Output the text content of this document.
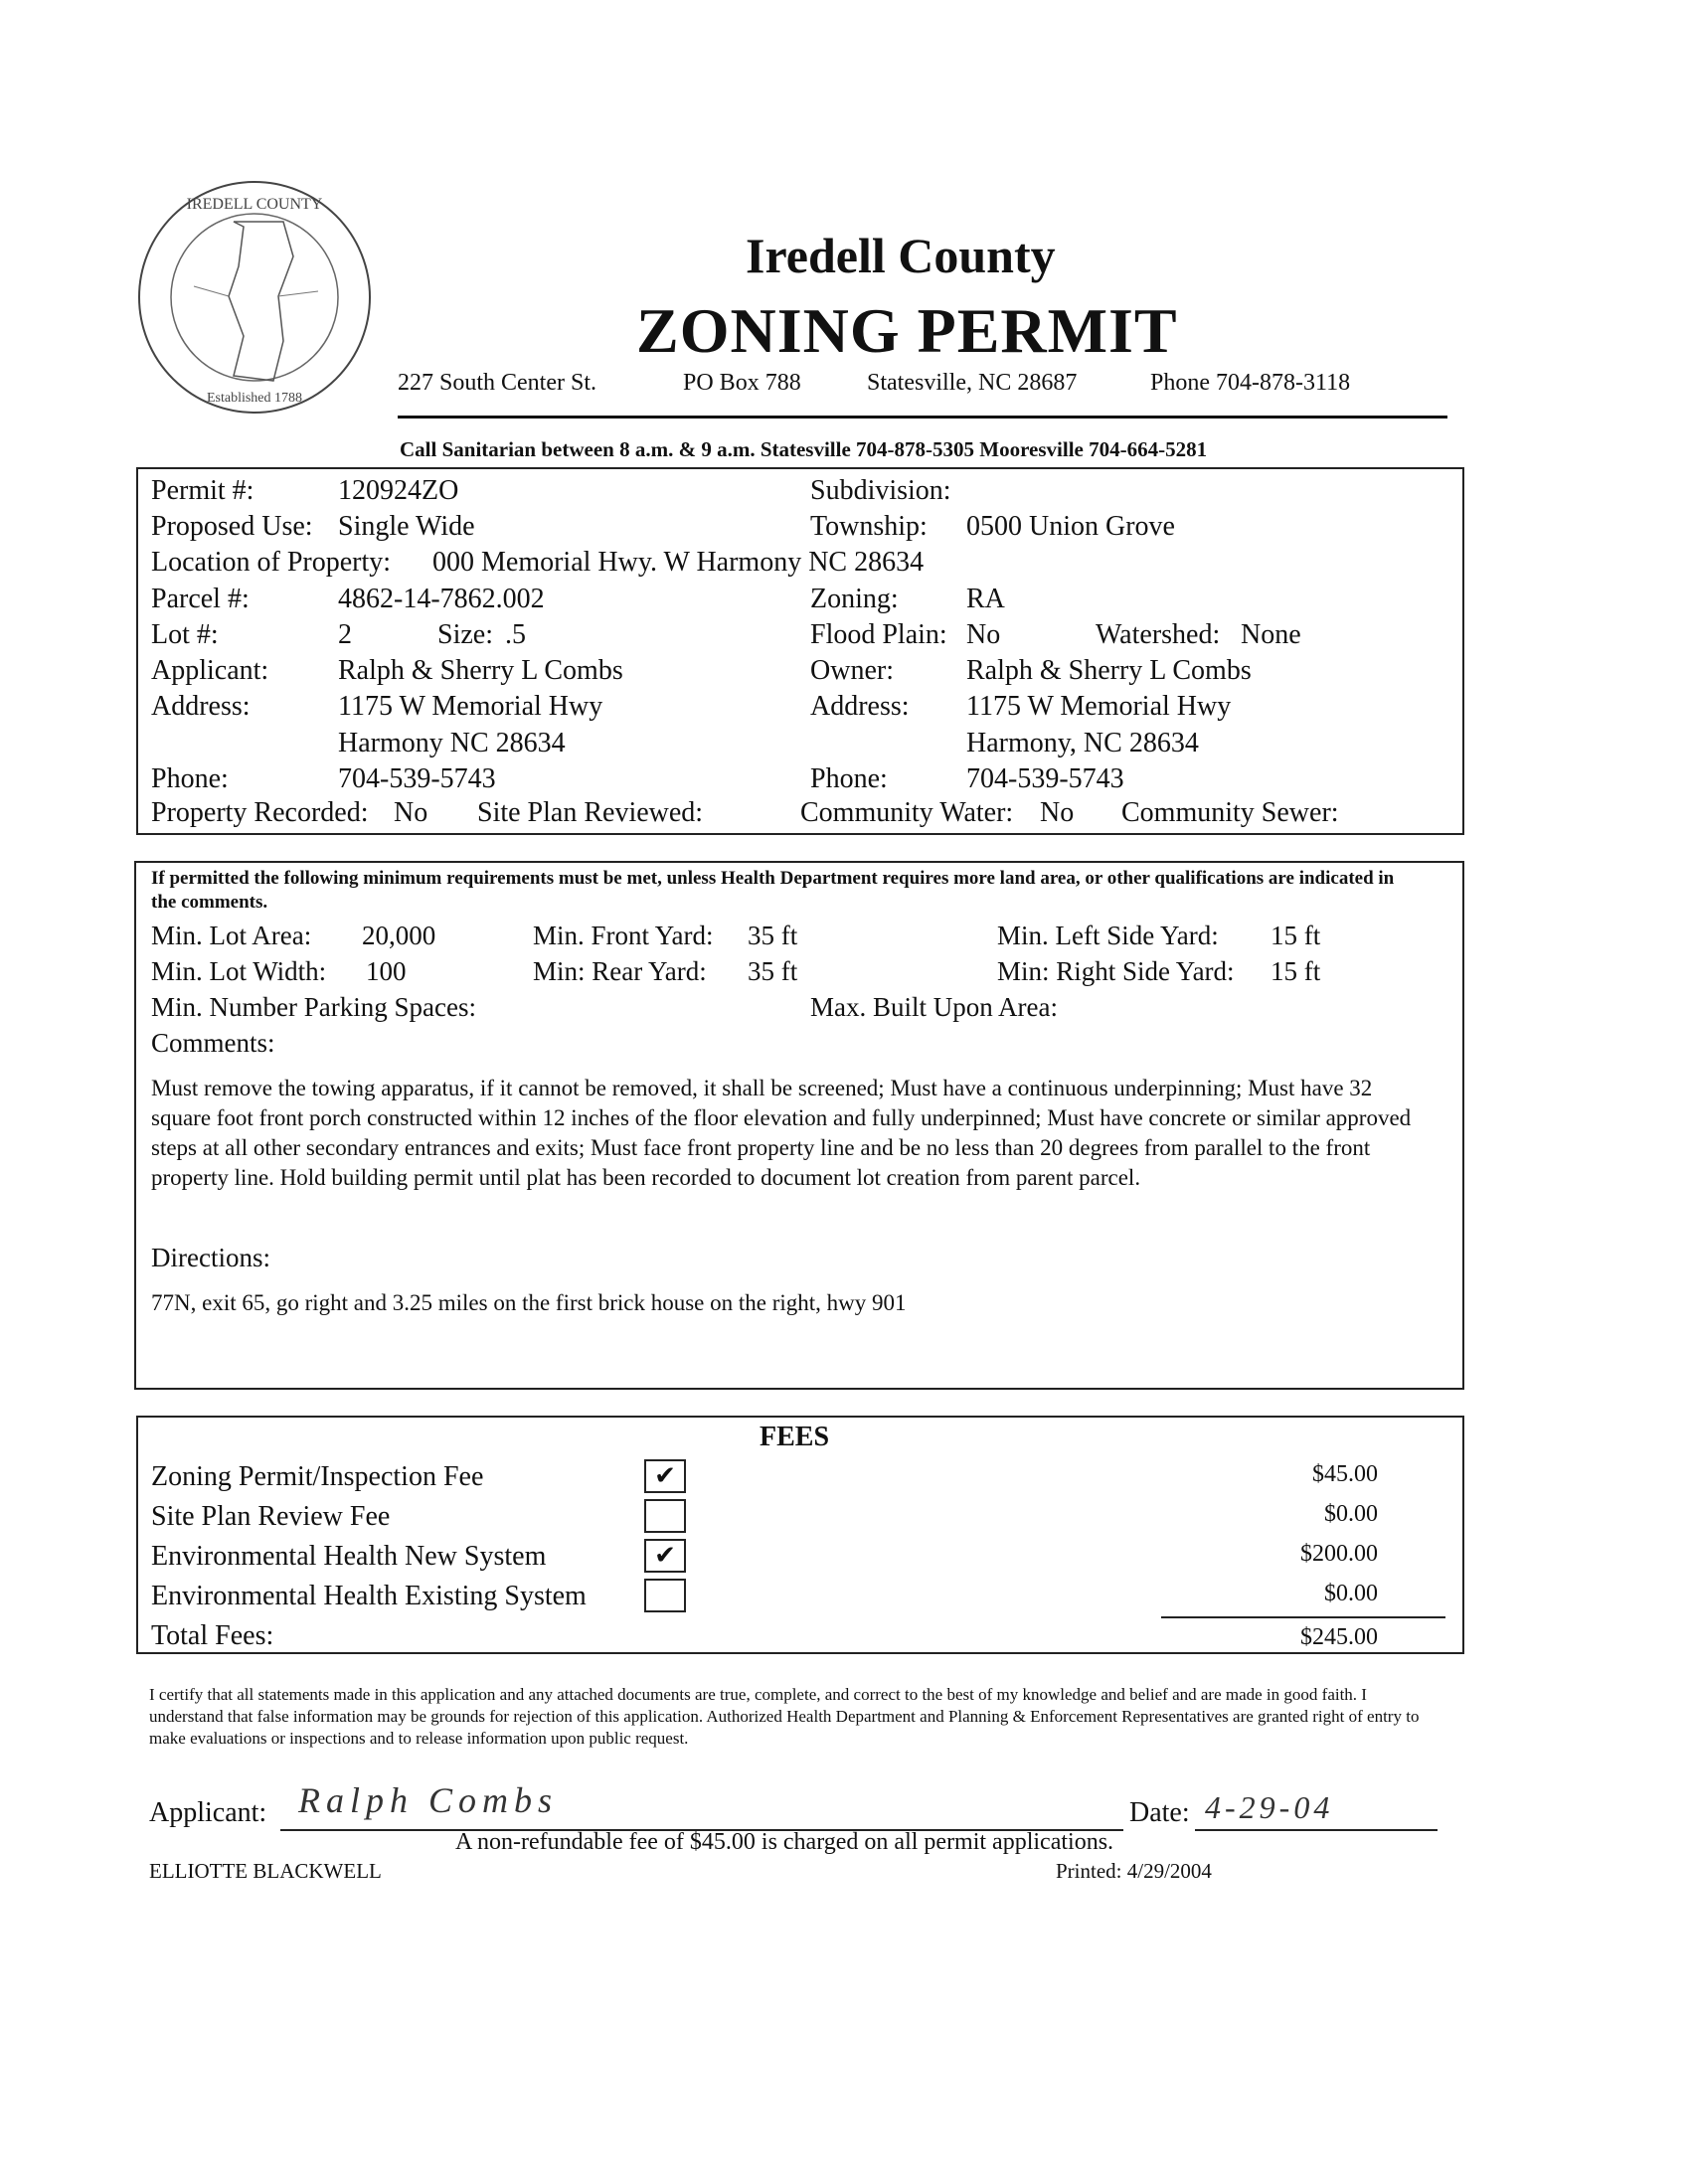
IREDELL COUNTY
Established 1788
Iredell County
ZONING PERMIT
227 South Center St.	PO Box 788	Statesville, NC 28687	Phone 704-878-3118
Call Sanitarian between 8 a.m. & 9 a.m. Statesville 704-878-5305 Mooresville 704-664-5281
Permit #:	120924ZO	Subdivision:
Proposed Use: Single Wide	Township: 0500 Union Grove
Location of Property: 000 Memorial Hwy. W Harmony NC 28634
Parcel #:	4862-14-7862.002	Zoning: RA
Lot #:	2	Size: .5	Flood Plain: No	Watershed: None
Applicant: Ralph & Sherry L Combs	Owner:	Ralph & Sherry L Combs
Address:	1175 W Memorial Hwy	Address: 1175 W Memorial Hwy
Harmony NC 28634	Harmony, NC 28634
Phone:	704-539-5743	Phone:	704-539-5743
Property Recorded: No Site Plan Reviewed:	Community Water: No Community Sewer:
If permitted the following minimum requirements must be met, unless Health Department requires more land area, or other qualifications are indicated in the comments.
Min. Lot Area: 20,000	Min. Front Yard: 35 ft	Min. Left Side Yard: 15 ft
Min. Lot Width: 100	Min: Rear Yard: 35 ft	Min: Right Side Yard: 15 ft
Min. Number Parking Spaces:	Max. Built Upon Area:
Comments:
Must remove the towing apparatus, if it cannot be removed, it shall be screened; Must have a continuous underpinning; Must have 32 square foot front porch constructed within 12 inches of the floor elevation and fully underpinned; Must have concrete or similar approved steps at all other secondary entrances and exits; Must face front property line and be no less than 20 degrees from parallel to the front property line. Hold building permit until plat has been recorded to document lot creation from parent parcel.
Directions:
77N, exit 65, go right and 3.25 miles on the first brick house on the right, hwy 901
FEES
Zoning Permit/Inspection Fee	✔	$45.00
Site Plan Review Fee	$0.00
Environmental Health New System	✔	$200.00
Environmental Health Existing System	$0.00
Total Fees:	$245.00
I certify that all statements made in this application and any attached documents are true, complete, and correct to the best of my knowledge and belief and are made in good faith. I understand that false information may be grounds for rejection of this application. Authorized Health Department and Planning & Enforcement Representatives are granted right of entry to make evaluations or inspections and to release information upon public request.
Applicant: Ralph Combs	Date: 4-29-04
A non-refundable fee of $45.00 is charged on all permit applications.
ELLIOTTE BLACKWELL	Printed: 4/29/2004
